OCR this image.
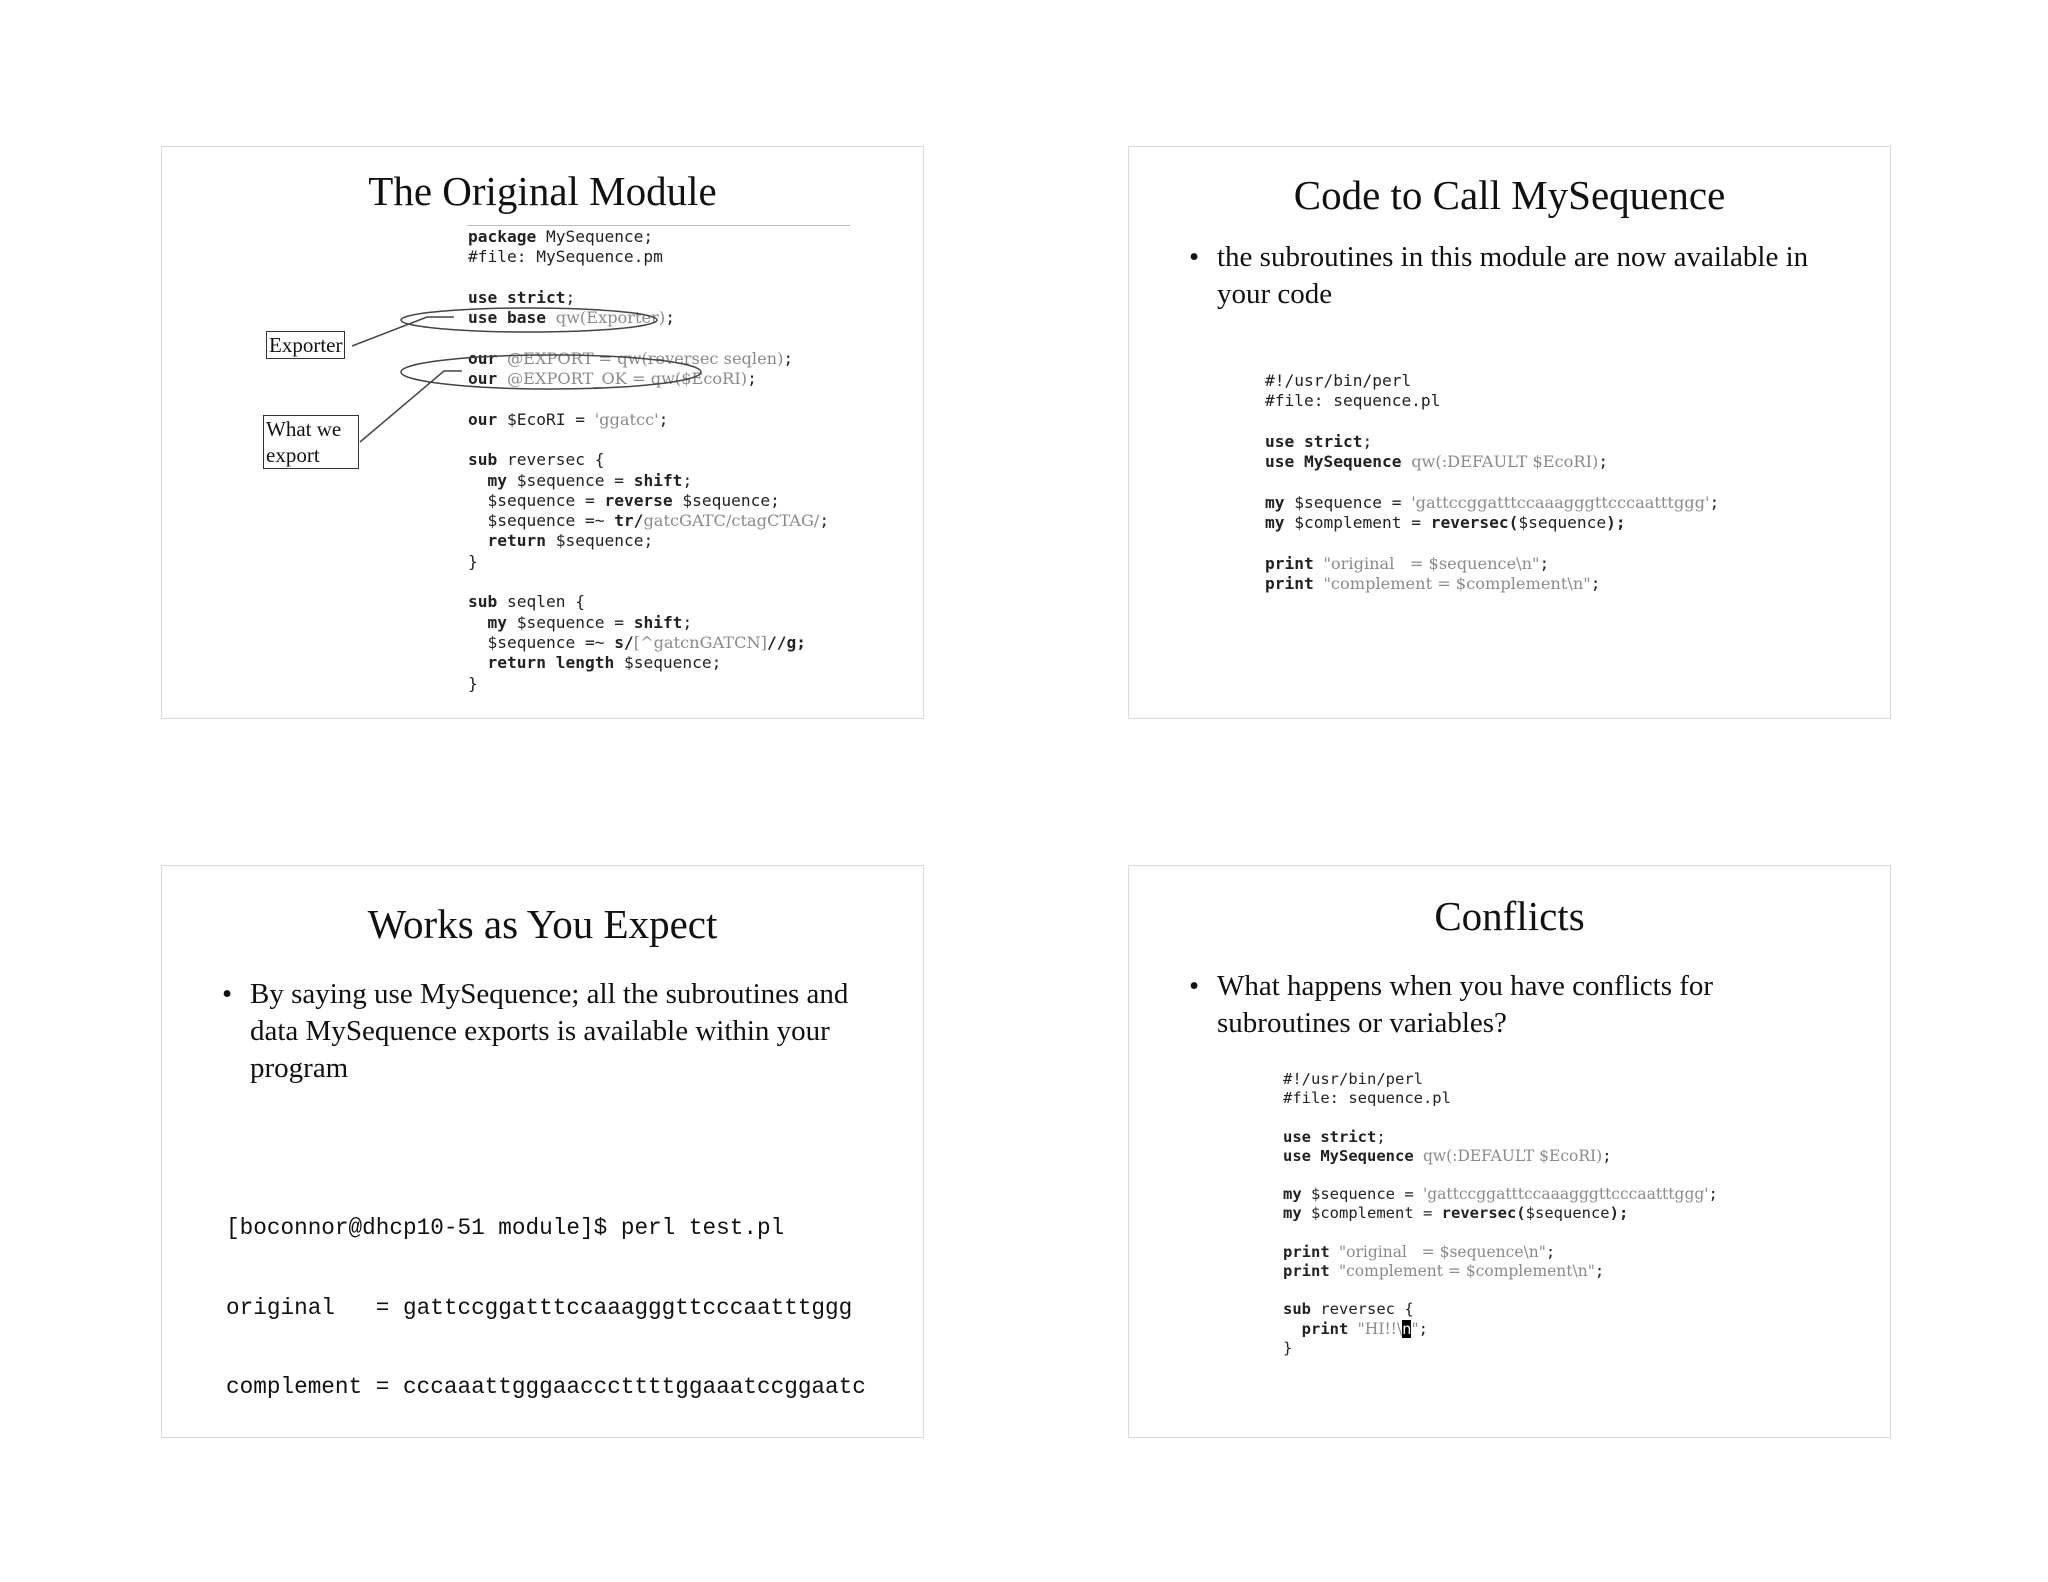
The Original Module
package MySequence;
#file: MySequence.pm

use strict;
use base qw(Exporter);

our @EXPORT = qw(reversec seqlen);
our @EXPORT_OK = qw($EcoRI);

our $EcoRI = 'ggatcc';

sub reversec {
my $sequence = shift;
$sequence = reverse $sequence;
$sequence =~ tr/gatcGATC/ctagCTAG/;
return $sequence;
}

sub seqlen {
my $sequence = shift;
$sequence =~ s/[^gatcnGATCN]//g;
return length $sequence;
}
Exporter
What we
export
Code to Call MySequence
• the subroutines in this module are now available in your code
#!/usr/bin/perl
#file: sequence.pl

use strict;
use MySequence qw(:DEFAULT $EcoRI);

my $sequence = 'gattccggatttccaaagggttcccaatttggg';
my $complement = reversec($sequence);

print "original   = $sequence\n";
print "complement = $complement\n";
Works as You Expect
• By saying use MySequence; all the subroutines and data MySequence exports is available within your program

[boconnor@dhcp10-51 module]$ perl test.pl

original   = gattccggatttccaaagggttcccaatttggg

complement = cccaaattgggaacccttttggaaatccggaatc

Conflicts
• What happens when you have conflicts for subroutines or variables?
#!/usr/bin/perl
#file: sequence.pl

use strict;
use MySequence qw(:DEFAULT $EcoRI);

my $sequence = 'gattccggatttccaaagggttcccaatttggg';
my $complement = reversec($sequence);

print "original   = $sequence\n";
print "complement = $complement\n";

sub reversec {
print "HI!!\n";
}
